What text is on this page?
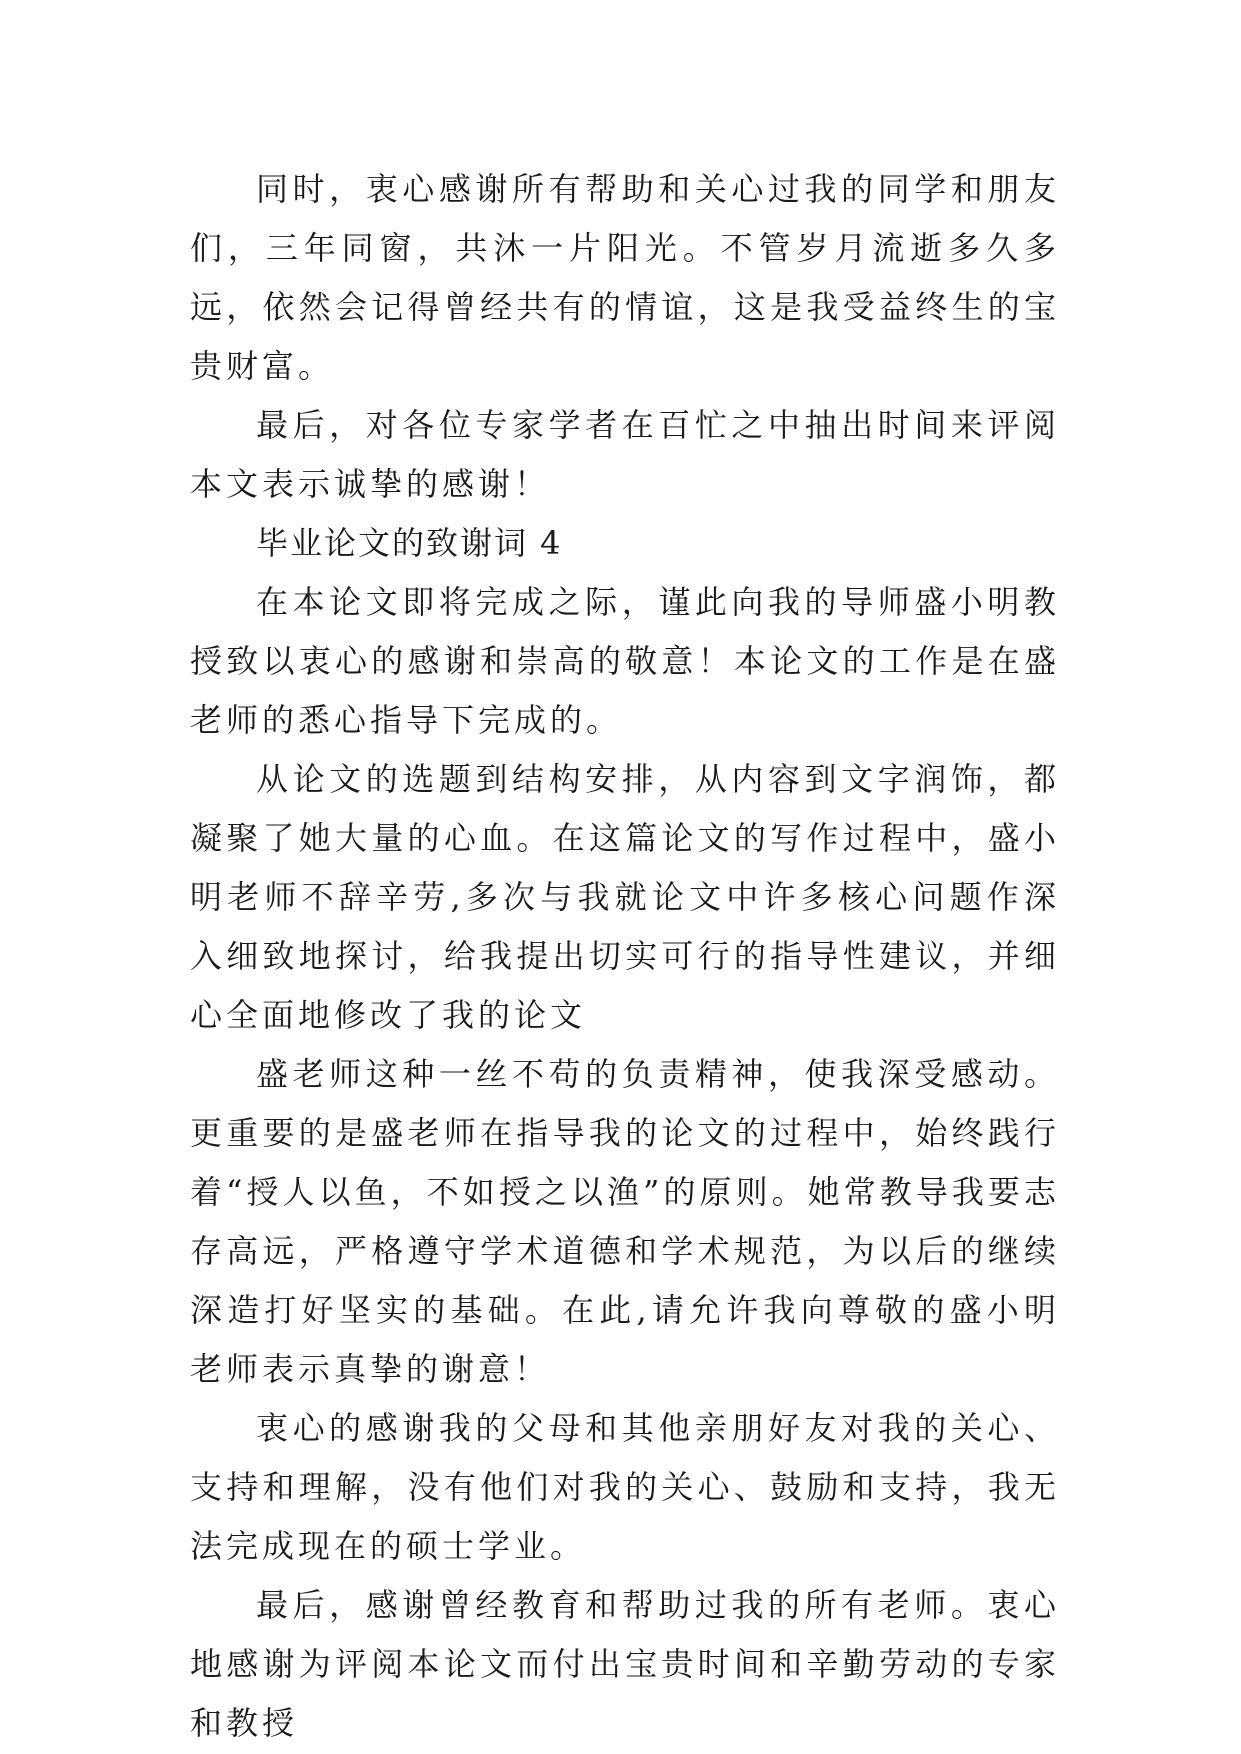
同时，衷心感谢所有帮助和关心过我的同学和朋友们，三年同窗，共沐一片阳光。不管岁月流逝多久多远，依然会记得曾经共有的情谊，这是我受益终生的宝贵财富。

最后，对各位专家学者在百忙之中抽出时间来评阅本文表示诚挚的感谢！

毕业论文的致谢词 4

在本论文即将完成之际，谨此向我的导师盛小明教授致以衷心的感谢和崇高的敬意！本论文的工作是在盛老师的悉心指导下完成的。

从论文的选题到结构安排，从内容到文字润饰，都凝聚了她大量的心血。在这篇论文的写作过程中，盛小明老师不辞辛劳,多次与我就论文中许多核心问题作深入细致地探讨，给我提出切实可行的指导性建议，并细心全面地修改了我的论文

盛老师这种一丝不苟的负责精神，使我深受感动。更重要的是盛老师在指导我的论文的过程中，始终践行着“授人以鱼，不如授之以渔”的原则。她常教导我要志存高远，严格遵守学术道德和学术规范，为以后的继续深造打好坚实的基础。在此,请允许我向尊敬的盛小明老师表示真挚的谢意！

衷心的感谢我的父母和其他亲朋好友对我的关心、支持和理解，没有他们对我的关心、鼓励和支持，我无法完成现在的硕士学业。

最后，感谢曾经教育和帮助过我的所有老师。衷心地感谢为评阅本论文而付出宝贵时间和辛勤劳动的专家和教授
